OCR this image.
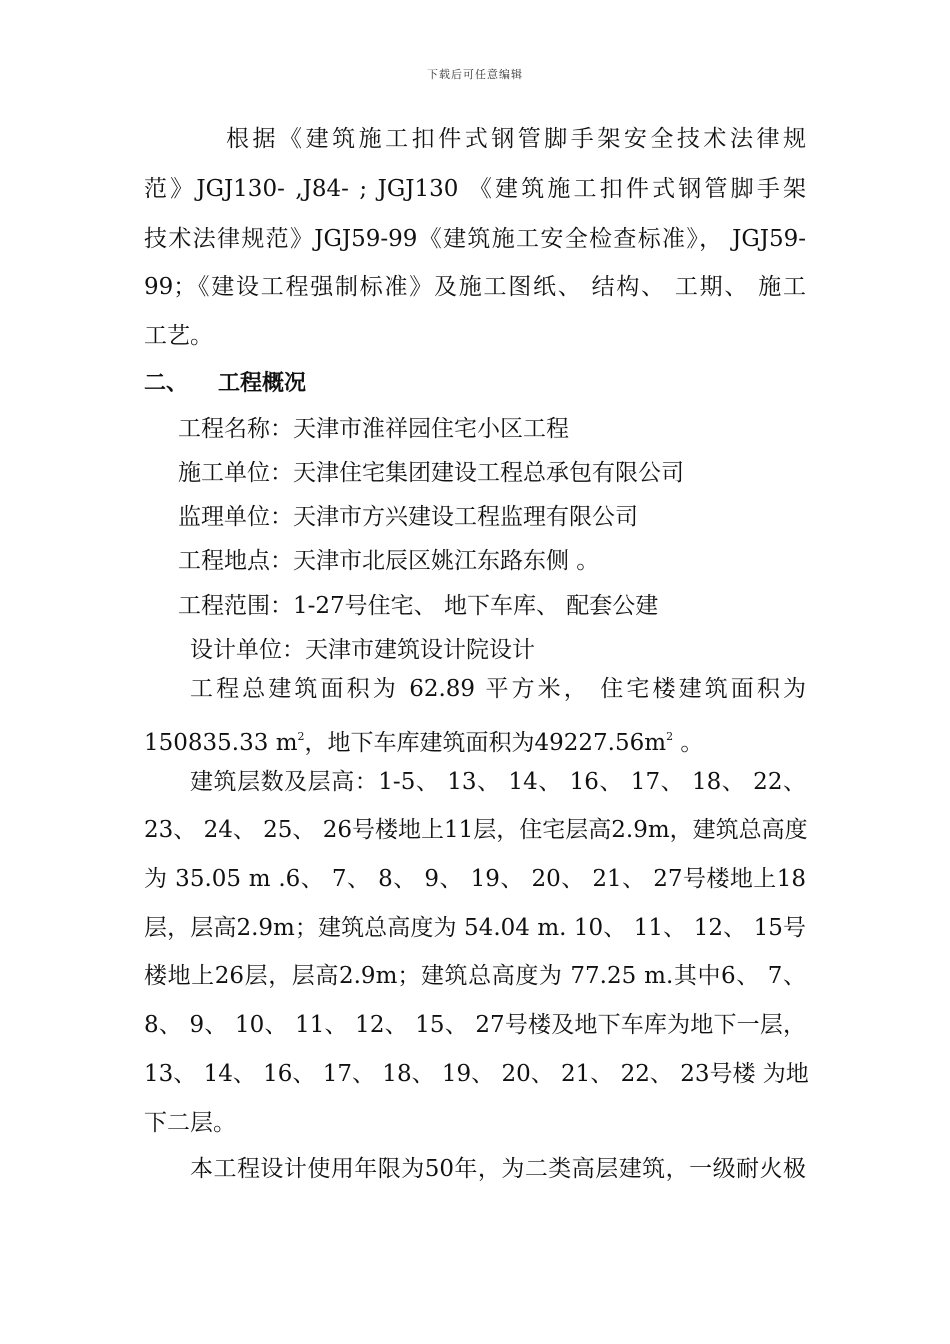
下载后可任意编辑
根据《建筑施工扣件式钢管脚手架安全技术法律规
范》JGJ130- ,J84- ; JGJ130 《建筑施工扣件式钢管脚手架
技术法律规范》JGJ59-99《建筑施工安全检查标准》， JGJ59-
99；《建设工程强制标准》及施工图纸、 结构、 工期、 施工
工艺。
二、 工程概况
工程名称：天津市淮祥园住宅小区工程
施工单位：天津住宅集团建设工程总承包有限公司
监理单位：天津市方兴建设工程监理有限公司
工程地点：天津市北辰区姚江东路东侧 。
工程范围：1-27号住宅、 地下车库、 配套公建
设计单位：天津市建筑设计院设计
工程总建筑面积为 62.89 平方米， 住宅楼建筑面积为
150835.33 $m^2$，地下车库建筑面积为$49227.56m^2$ 。
建筑层数及层高：1-5、 13、 14、 16、 17、 18、 22、
23、 24、 25、 26号楼地上11层，住宅层高2.9m，建筑总高度
为 35.05 m .6、 7、 8、 9、 19、 20、 21、 27号楼地上18
层，层高2.9m；建筑总高度为 54.04 m. 10、 11、 12、 15号
楼地上26层，层高2.9m；建筑总高度为 77.25 m.其中6、 7、
8、 9、 10、 11、 12、 15、 27号楼及地下车库为地下一层，
13、 14、 16、 17、 18、 19、 20、 21、 22、 23号楼 为地
下二层。
本工程设计使用年限为50年，为二类高层建筑，一级耐火极
